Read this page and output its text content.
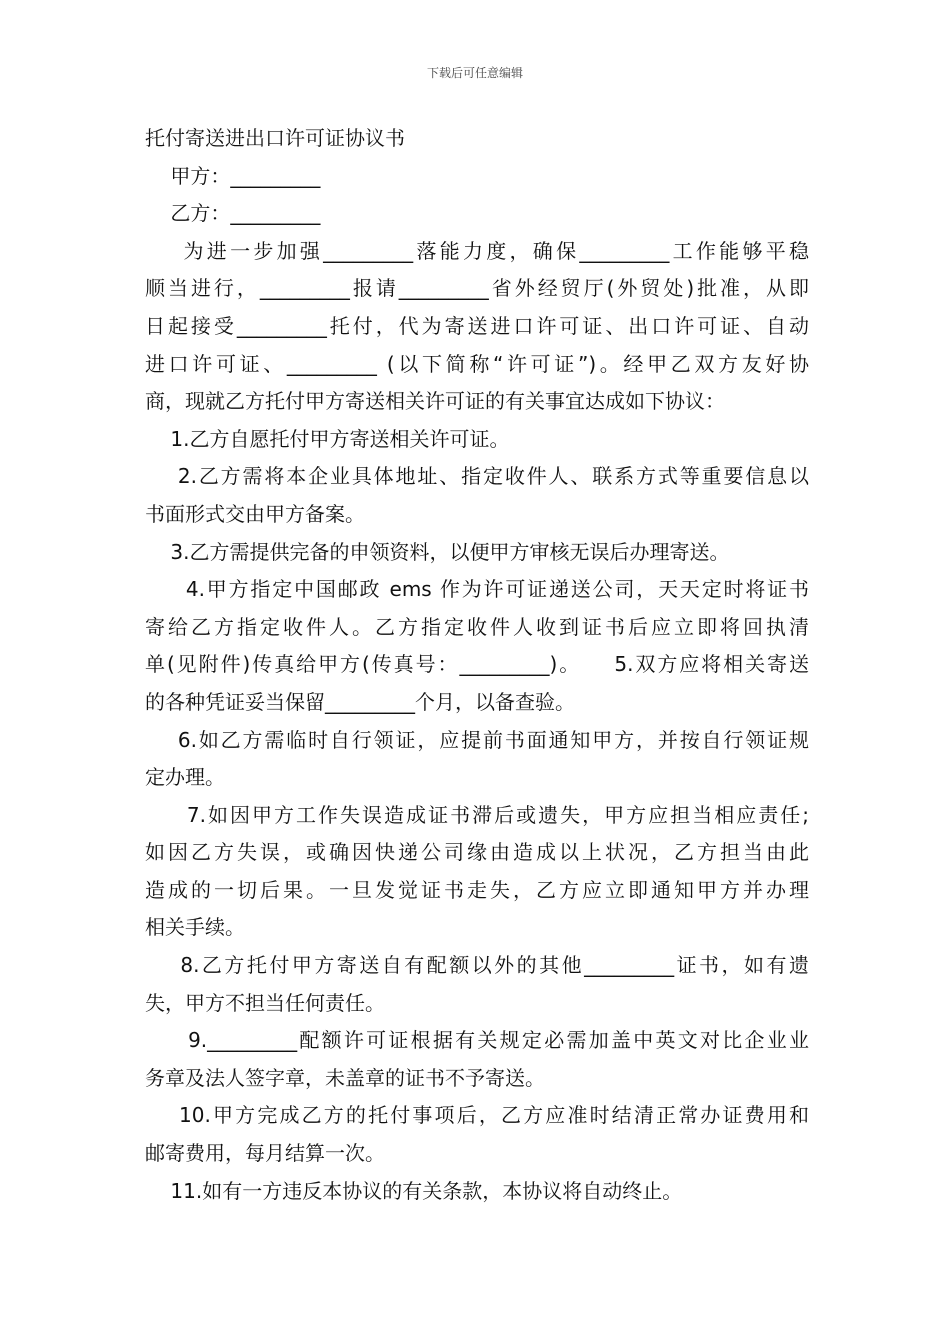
下载后可任意编辑
托付寄送进出口许可证协议书
甲方：_________
乙方：_________
为进一步加强_________落能力度，确保_________工作能够平稳
顺当进行，_________报请_________省外经贸厅(外贸处)批准，从即
日起接受_________托付，代为寄送进口许可证、出口许可证、自动
进口许可证、_________ (以下简称“许可证”)。经甲乙双方友好协
商，现就乙方托付甲方寄送相关许可证的有关事宜达成如下协议：
1.乙方自愿托付甲方寄送相关许可证。
2.乙方需将本企业具体地址、指定收件人、联系方式等重要信息以
书面形式交由甲方备案。
3.乙方需提供完备的申领资料，以便甲方审核无误后办理寄送。
4.甲方指定中国邮政 ems 作为许可证递送公司，天天定时将证书
寄给乙方指定收件人。乙方指定收件人收到证书后应立即将回执清
单(见附件)传真给甲方(传真号：_________)。    5.双方应将相关寄送
的各种凭证妥当保留_________个月，以备查验。
6.如乙方需临时自行领证，应提前书面通知甲方，并按自行领证规
定办理。
7.如因甲方工作失误造成证书滞后或遗失，甲方应担当相应责任;
如因乙方失误，或确因快递公司缘由造成以上状况，乙方担当由此
造成的一切后果。一旦发觉证书走失，乙方应立即通知甲方并办理
相关手续。
8.乙方托付甲方寄送自有配额以外的其他_________证书，如有遗
失，甲方不担当任何责任。
9._________配额许可证根据有关规定必需加盖中英文对比企业业
务章及法人签字章，未盖章的证书不予寄送。
10.甲方完成乙方的托付事项后，乙方应准时结清正常办证费用和
邮寄费用，每月结算一次。
11.如有一方违反本协议的有关条款，本协议将自动终止。
